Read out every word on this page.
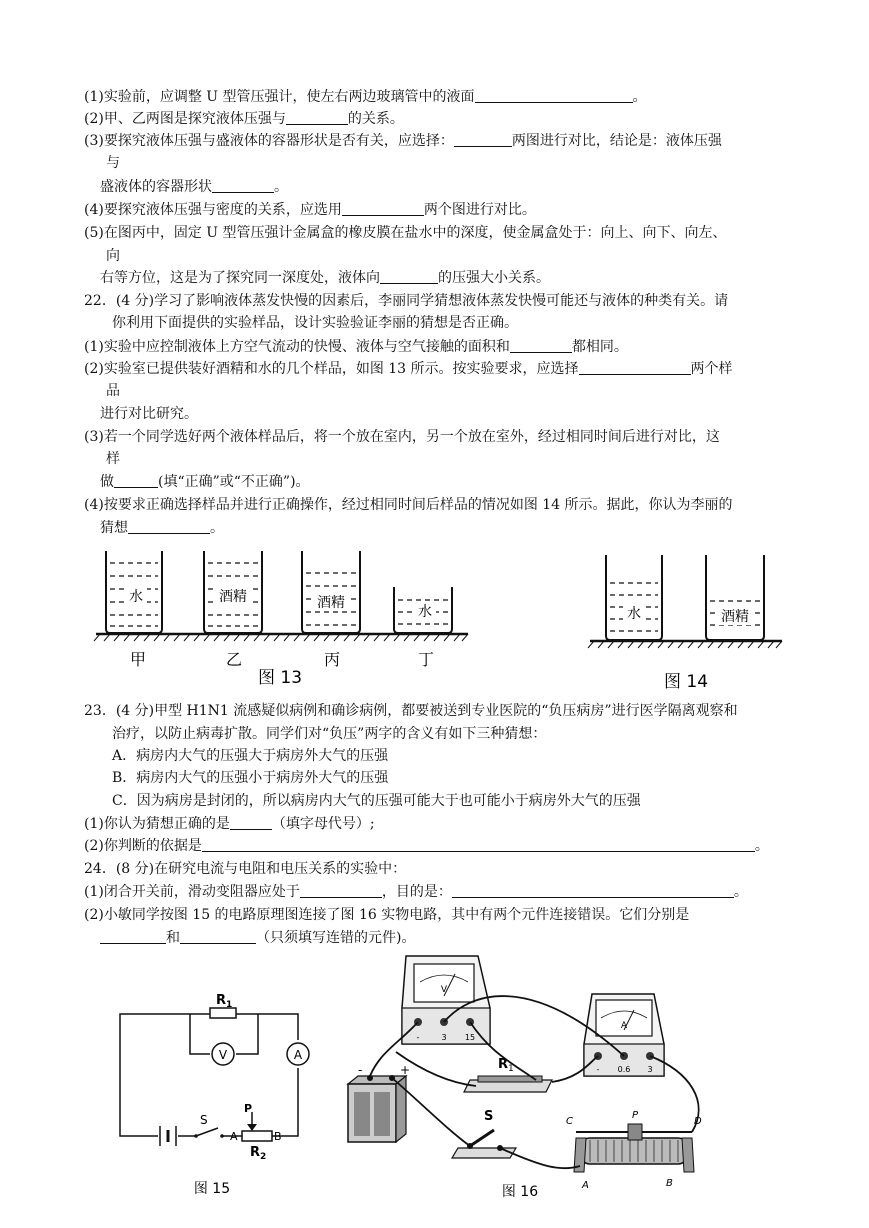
(1)实验前，应调整 U 型管压强计，使左右两边玻璃管中的液面	。
(2)甲、乙两图是探究液体压强与	的关系。
(3)要探究液体压强与盛液体的容器形状是否有关，应选择：	两图进行对比，结论是：液体压强
与
盛液体的容器形状	。
(4)要探究液体压强与密度的关系，应选用	两个图进行对比。
(5)在图丙中，固定 U 型管压强计金属盒的橡皮膜在盐水中的深度，使金属盒处于：向上、向下、向左、
向
右等方位，这是为了探究同一深度处，液体向	的压强大小关系。
22．(4 分)学习了影响液体蒸发快慢的因素后，李丽同学猜想液体蒸发快慢可能还与液体的种类有关。请
你利用下面提供的实验样品，设计实验验证李丽的猜想是否正确。
(1)实验中应控制液体上方空气流动的快慢、液体与空气接触的面积和	都相同。
(2)实验室已提供装好酒精和水的几个样品，如图 13 所示。按实验要求，应选择	两个样
品
进行对比研究。
(3)若一个同学选好两个液体样品后，将一个放在室内，另一个放在室外，经过相同时间后进行对比，这
样
做	(填“正确”或“不正确”)。
(4)按要求正确选择样品并进行正确操作，经过相同时间后样品的情况如图 14 所示。据此，你认为李丽的
猜想	。
水	酒精	酒精
水
甲	乙	丙	丁
图 13
水	酒精
图 14
23．(4 分)甲型 H1N1 流感疑似病例和确诊病例，都要被送到专业医院的“负压病房”进行医学隔离观察和
治疗，以防止病毒扩散。同学们对“负压”两字的含义有如下三种猜想：
A．病房内大气的压强大于病房外大气的压强
B．病房内大气的压强小于病房外大气的压强
C．因为病房是封闭的，所以病房内大气的压强可能大于也可能小于病房外大气的压强
(1)你认为猜想正确的是	（填字母代号）;
(2)你判断的依据是	。
24．(8 分)在研究电流与电阻和电压关系的实验中：
(1)闭合开关前，滑动变阻器应处于	，目的是：	。
(2)小敏同学按图 15 的电路原理图连接了图 16 实物电路，其中有两个元件连接错误。它们分别是
和	（只须填写连错的元件)。
$R_1$
V	A
S
P
A	B
$R_2$
图 15
V
-	3 15
A
- 0.6 3
R 1
-	+
S	C
P
D
A	B
图 16
